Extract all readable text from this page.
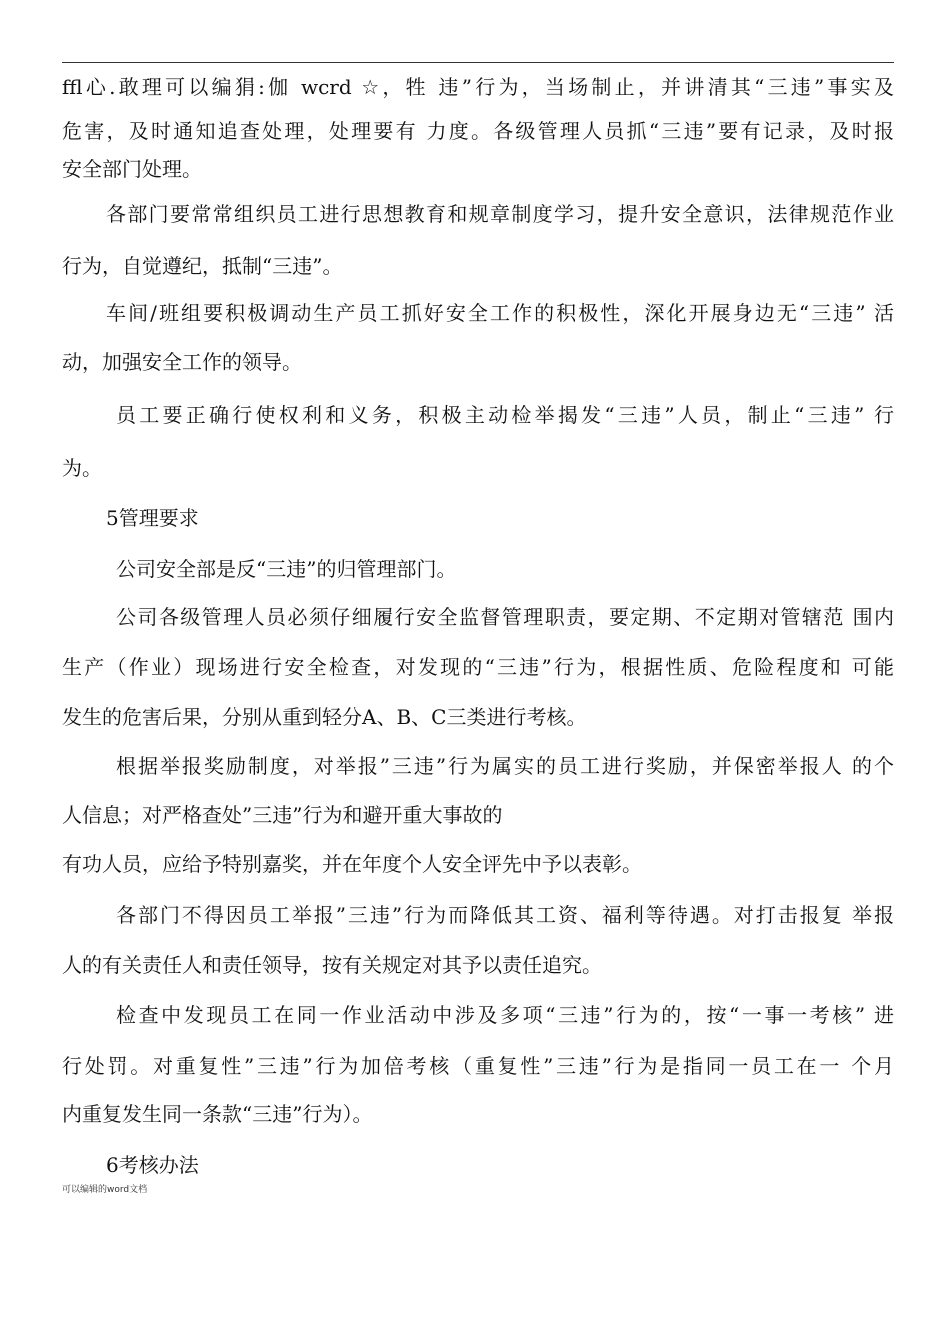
ffl心.敢理可以编狷:伽 wcrd ☆，牲 违”行为，当场制止，并讲清其“三违”事实及
危害，及时通知追查处理，处理要有 力度。各级管理人员抓“三违”要有记录，及时报
安全部门处理。
各部门要常常组织员工进行思想教育和规章制度学习，提升安全意识，法律规范作业
行为，自觉遵纪，抵制“三违”。
车间/班组要积极调动生产员工抓好安全工作的积极性，深化开展身边无“三违” 活
动，加强安全工作的领导。
员工要正确行使权利和义务，积极主动检举揭发“三违”人员，制止“三违” 行
为。
5管理要求
公司安全部是反“三违”的归管理部门。
公司各级管理人员必须仔细履行安全监督管理职责，要定期、不定期对管辖范 围内
生产（作业）现场进行安全检查，对发现的“三违”行为，根据性质、危险程度和 可能
发生的危害后果，分别从重到轻分A、B、C三类进行考核。
根据举报奖励制度，对举报”三违”行为属实的员工进行奖励，并保密举报人 的个
人信息；对严格查处”三违”行为和避开重大事故的
有功人员，应给予特别嘉奖，并在年度个人安全评先中予以表彰。
各部门不得因员工举报”三违”行为而降低其工资、福利等待遇。对打击报复 举报
人的有关责任人和责任领导，按有关规定对其予以责任追究。
检查中发现员工在同一作业活动中涉及多项“三违”行为的，按“一事一考核” 进
行处罚。对重复性”三违”行为加倍考核（重复性”三违”行为是指同一员工在一 个月
内重复发生同一条款“三违”行为）。
6考核办法
可以编辑的word文档
